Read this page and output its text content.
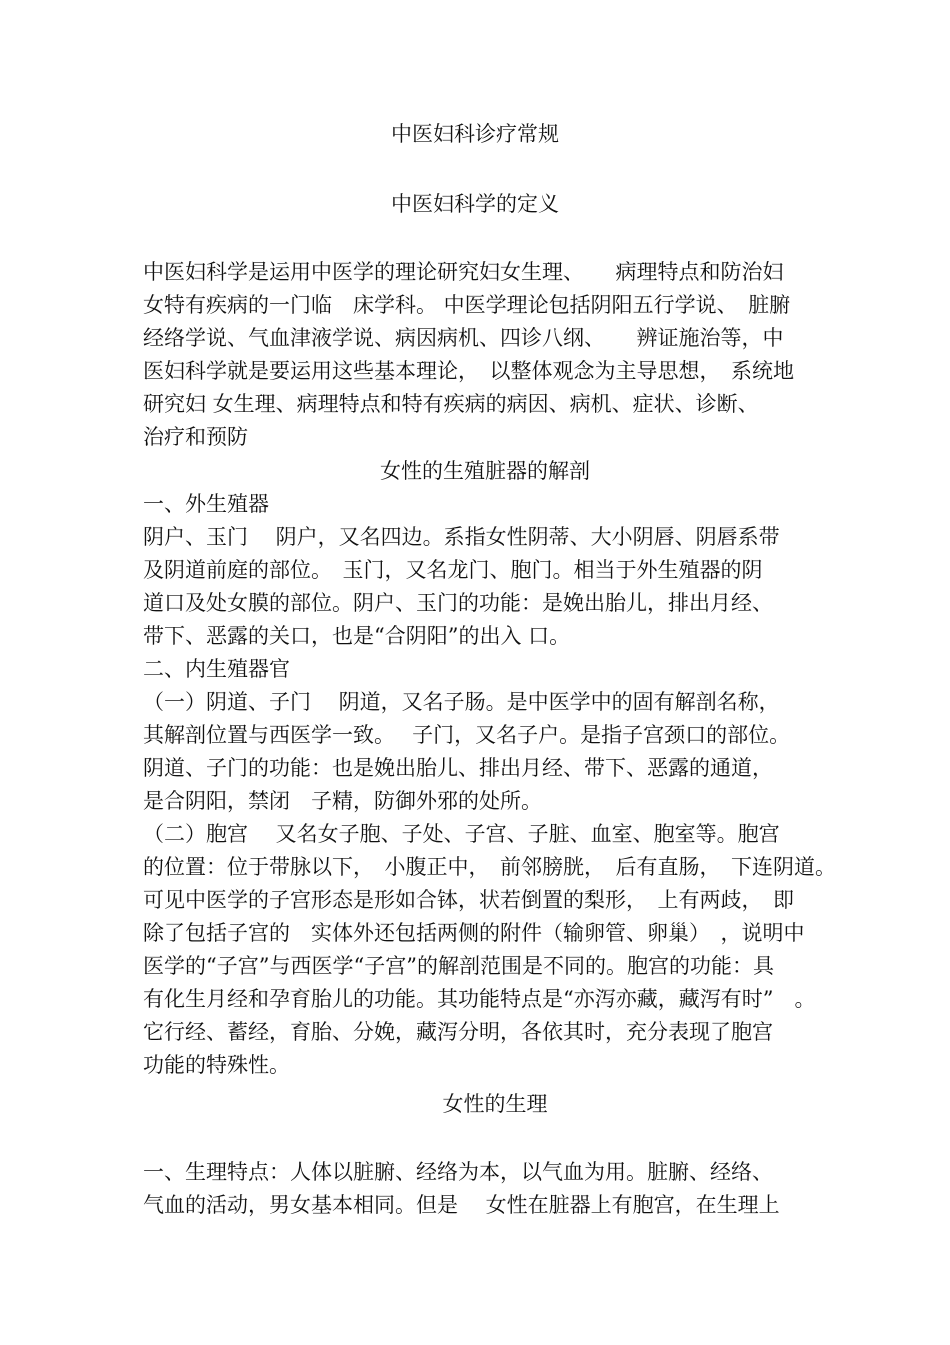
中医妇科诊疗常规
中医妇科学的定义
中医妇科学是运用中医学的理论研究妇女生理、　　病理特点和防治妇
女特有疾病的一门临　床学科。 中医学理论包括阴阳五行学说、　脏腑
经络学说、气血津液学说、病因病机、四诊八纲、　　辨证施治等，中
医妇科学就是要运用这些基本理论，　以整体观念为主导思想，　系统地
研究妇 女生理、病理特点和特有疾病的病因、病机、症状、诊断、
治疗和预防
女性的生殖脏器的解剖
一、外生殖器
阴户、玉门　 阴户，又名四边。系指女性阴蒂、大小阴唇、阴唇系带
及阴道前庭的部位。　玉门，又名龙门、胞门。相当于外生殖器的阴
道口及处女膜的部位。阴户、玉门的功能：是娩出胎儿，排出月经、
带下、恶露的关口，也是“合阴阳”的出入 口。
二、内生殖器官
（一）阴道、子门　 阴道，又名子肠。是中医学中的固有解剖名称，
其解剖位置与西医学一致。　 子门，又名子户。是指子宫颈口的部位。
阴道、子门的功能：也是娩出胎儿、排出月经、带下、恶露的通道，
是合阴阳，禁闭　子精，防御外邪的处所。
（二）胞宫　 又名女子胞、子处、子宫、子脏、血室、胞室等。胞宫
的位置：位于带脉以下，　小腹正中，　前邻膀胱，　后有直肠，　下连阴道。
可见中医学的子宫形态是形如合钵，状若倒置的梨形，　上有两歧，　即
除了包括子宫的　实体外还包括两侧的附件（输卵管、卵巢）　，说明中
医学的“子宫”与西医学“子宫”的解剖范围是不同的。胞宫的功能：具
有化生月经和孕育胎儿的功能。其功能特点是“亦泻亦藏，藏泻有时”　。
它行经、蓄经，育胎、分娩，藏泻分明，各依其时，充分表现了胞宫
功能的特殊性。
女性的生理
一、生理特点：人体以脏腑、经络为本，以气血为用。脏腑、经络、
气血的活动，男女基本相同。但是　 女性在脏器上有胞宫，在生理上
